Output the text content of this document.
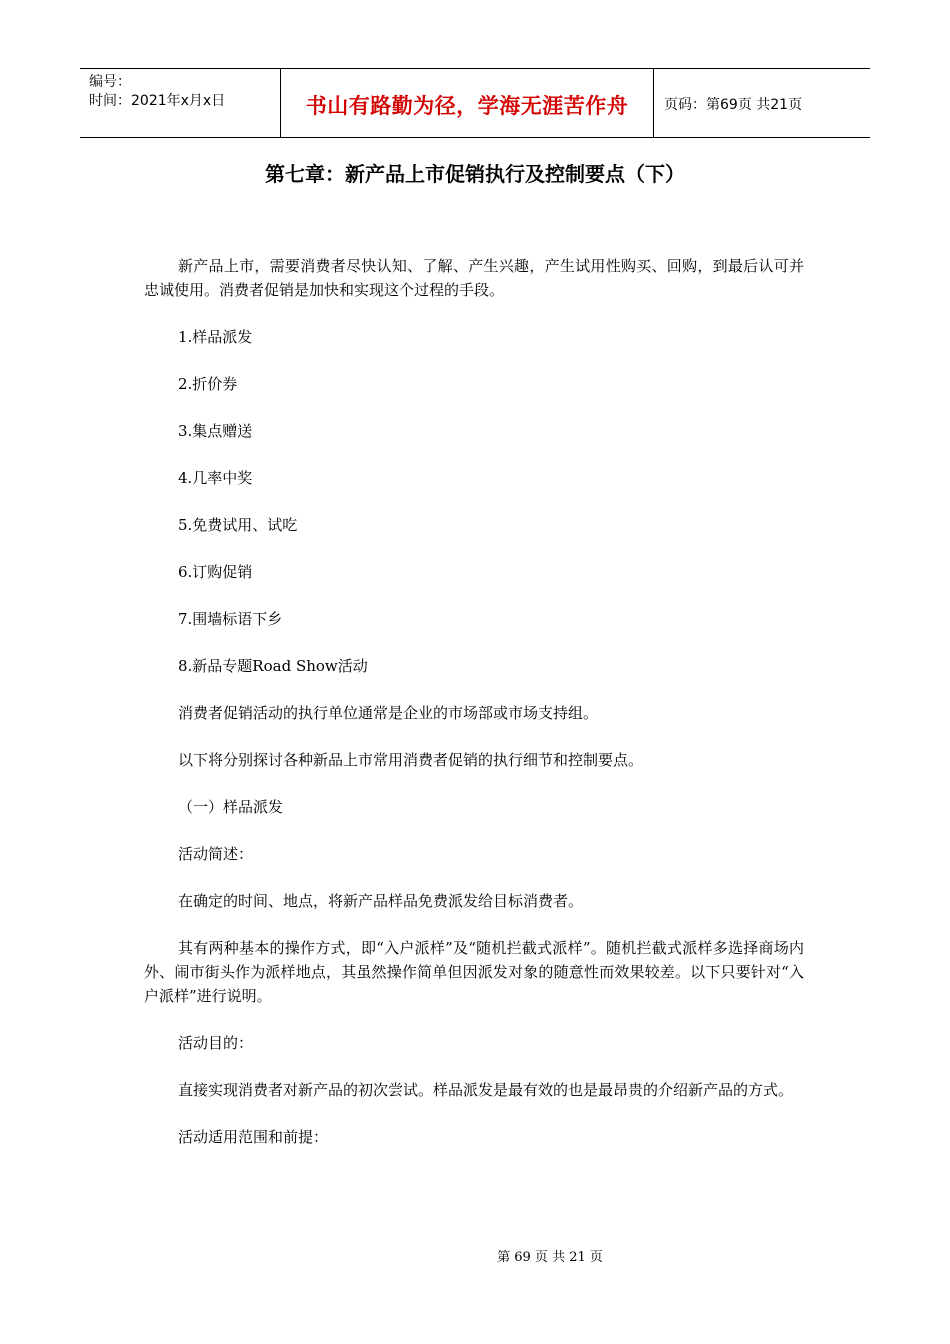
编号：
时间：2021年x月x日	书山有路勤为径，学海无涯苦作舟	页码：第69页 共21页
第七章：新产品上市促销执行及控制要点（下）

新产品上市，需要消费者尽快认知、了解、产生兴趣，产生试用性购买、回购，到最后认可并忠诚使用。消费者促销是加快和实现这个过程的手段。

1.样品派发

2.折价券

3.集点赠送

4.几率中奖

5.免费试用、试吃

6.订购促销

7.围墙标语下乡

8.新品专题Road Show活动

消费者促销活动的执行单位通常是企业的市场部或市场支持组。

以下将分别探讨各种新品上市常用消费者促销的执行细节和控制要点。

（一）样品派发

活动简述：

在确定的时间、地点，将新产品样品免费派发给目标消费者。

其有两种基本的操作方式，即“入户派样”及“随机拦截式派样”。随机拦截式派样多选择商场内外、闹市街头作为派样地点，其虽然操作简单但因派发对象的随意性而效果较差。以下只要针对“入户派样”进行说明。

活动目的：

直接实现消费者对新产品的初次尝试。样品派发是最有效的也是最昂贵的介绍新产品的方式。

活动适用范围和前提：

第 69 页 共 21 页
